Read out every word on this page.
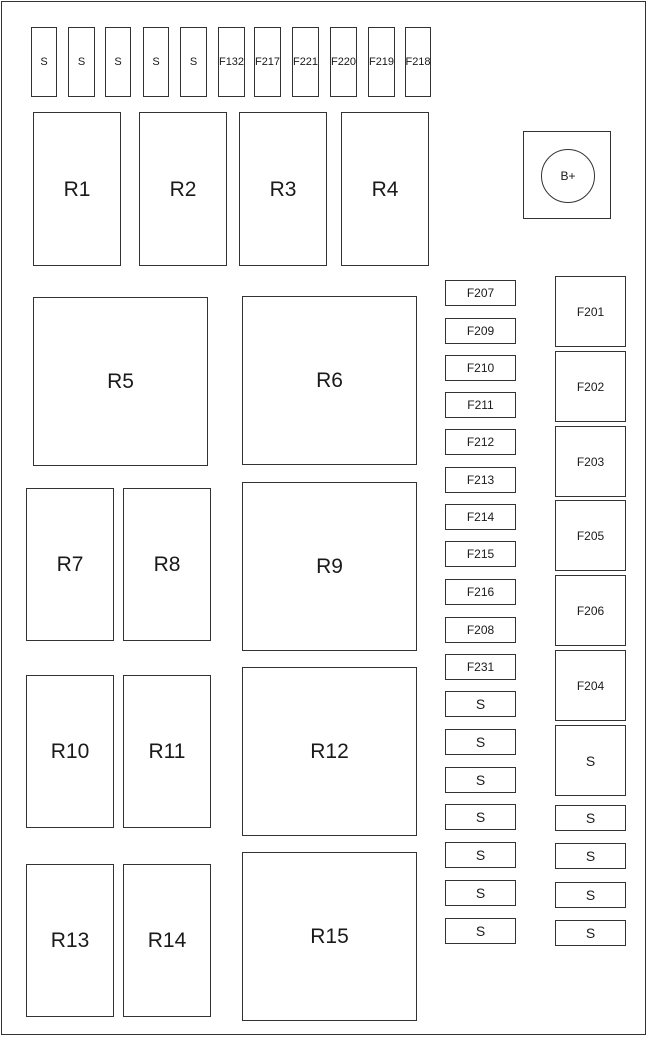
S	S	S	S	S	F132 F217 F221 F220 F219 F218
R1	R2	R3	R4
R5	R6
R7	R8	R9
R10	R11	R12
R13	R14	R15
B+
F207
F209
F210
F211
F212
F213
F214
F215
F216
F208
F231
S
S
S
S
S
S
S
F201
F202
F203
F205
F206
F204
S
S
S
S
S
